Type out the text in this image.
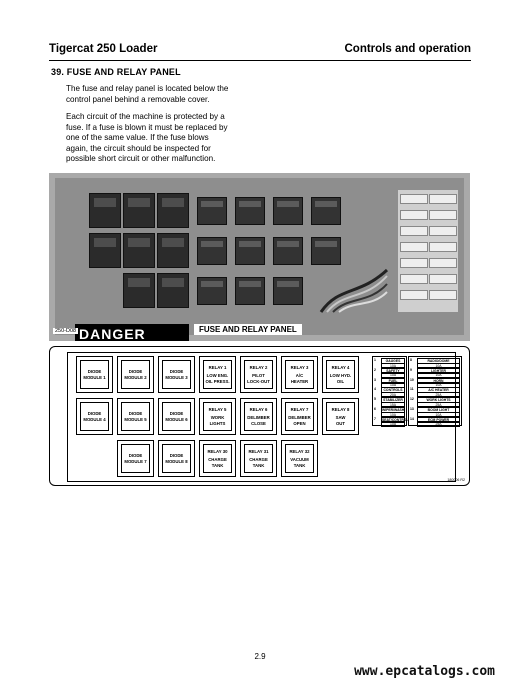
Tigercat 250 Loader	Controls and operation
39. FUSE AND RELAY PANEL
The fuse and relay panel is located below the
control panel behind a removable cover.
Each circuit of the machine is protected by a
fuse. If a fuse is blown it must be replaced by
one of the same value. If the fuse blows
again, the circuit should be inspected for
possible short circuit or other malfunction.
DANGER
250-D08	FUSE AND RELAY PANEL
DIODE
MODULE 1
DIODE
MODULE 2
DIODE
MODULE 3
RELAY 1
LOW ENG.
OIL PRESS.
RELAY 2
PILOT
LOCK-OUT
RELAY 3
A/C
HEATER
RELAY 4
LOW HYD.
OIL
DIODE
MODULE 4
DIODE
MODULE 5
DIODE
MODULE 6
RELAY 5
WORK
LIGHTS
RELAY 6
DELIMBER
CLOSE
RELAY 7
DELIMBER
OPEN
RELAY 8
SAW
OUT
DIODE
MODULE 7
DIODE
MODULE 8
RELAY 30
CHARGE
TANK
RELAY 31
CHARGE
TANK
RELAY 32
VACUUM
TANK
1	GAUGES
10A
2	SAFETY
10A
3	FUEL
10A
4	CONTROLS
20A
5	STABILIZER
15A
6 WIPER/WASH
10A
7 SEAT/CONTROL
10A
8	RADIO/DOME
10A
9	LIGHTER
10A
10	HORN
10A
11	A/C HEATER
25A
12	WORK LIGHTS
25A
13	BOOM LIGHT
10A
14	ECM POWER
25A
180006 R2
2.9
www.epcatalogs.com
